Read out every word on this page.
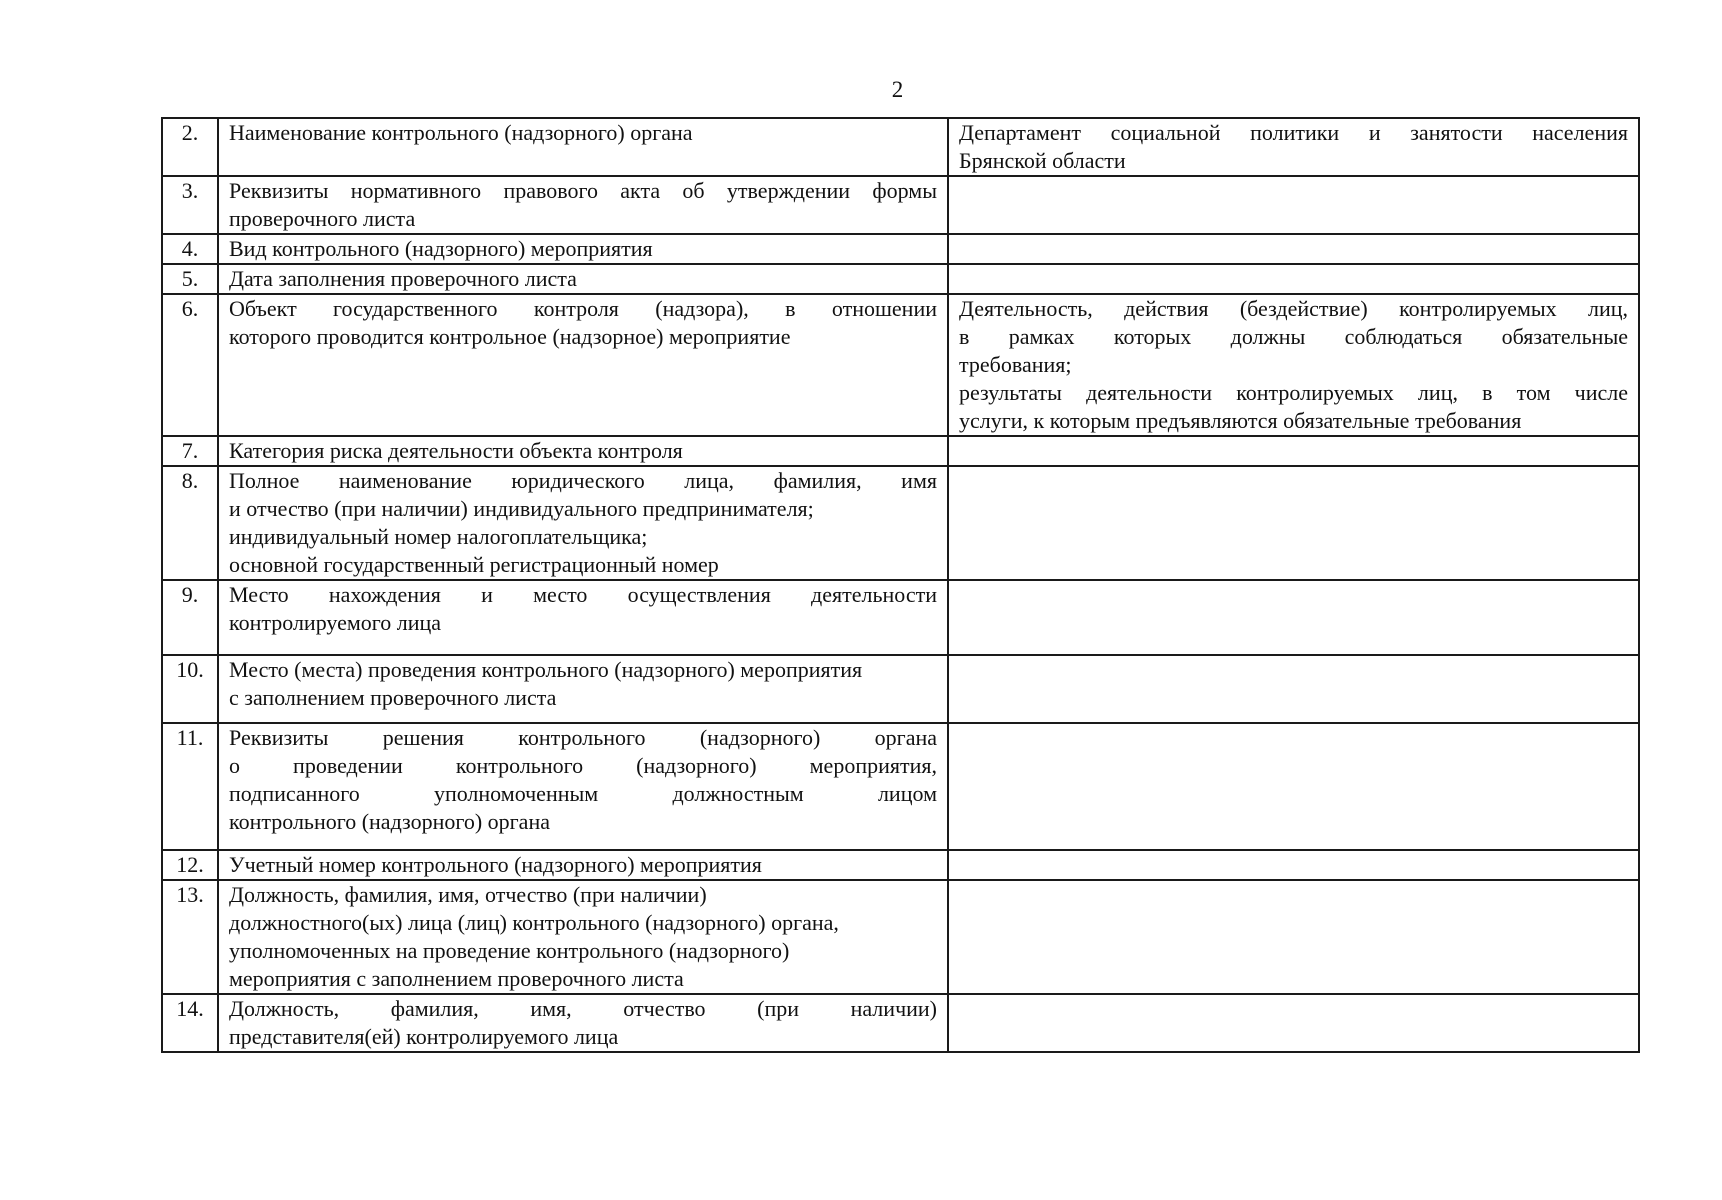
2
2.	Наименование контрольного (надзорного) органа	Департамент социальной политики и занятости населения
Брянской области

3.	Реквизиты нормативного правового акта об утверждении формы
проверочного листа	

4.	Вид контрольного (надзорного) мероприятия	

5.	Дата заполнения проверочного листа	

6.	Объект государственного контроля (надзора), в отношении
которого проводится контрольное (надзорное) мероприятие	Деятельность, действия (бездействие) контролируемых лиц,
в рамках которых должны соблюдаться обязательные
требования;
результаты деятельности контролируемых лиц, в том числе
услуги, к которым предъявляются обязательные требования

7.	Категория риска деятельности объекта контроля	

8.	Полное наименование юридического лица, фамилия, имя
и отчество (при наличии) индивидуального предпринимателя;
индивидуальный номер налогоплательщика;
основной государственный регистрационный номер	

9.	Место нахождения и место осуществления деятельности
контролируемого лица	

10.	Место (места) проведения контрольного (надзорного) мероприятия
с заполнением проверочного листа	

11.	Реквизиты решения контрольного (надзорного) органа
о проведении контрольного (надзорного) мероприятия,
подписанного уполномоченным должностным лицом
контрольного (надзорного) органа	

12.	Учетный номер контрольного (надзорного) мероприятия	

13.	Должность, фамилия, имя, отчество (при наличии)
должностного(ых) лица (лиц) контрольного (надзорного) органа,
уполномоченных на проведение контрольного (надзорного)
мероприятия с заполнением проверочного листа	

14.	Должность, фамилия, имя, отчество (при наличии)
представителя(ей) контролируемого лица	
